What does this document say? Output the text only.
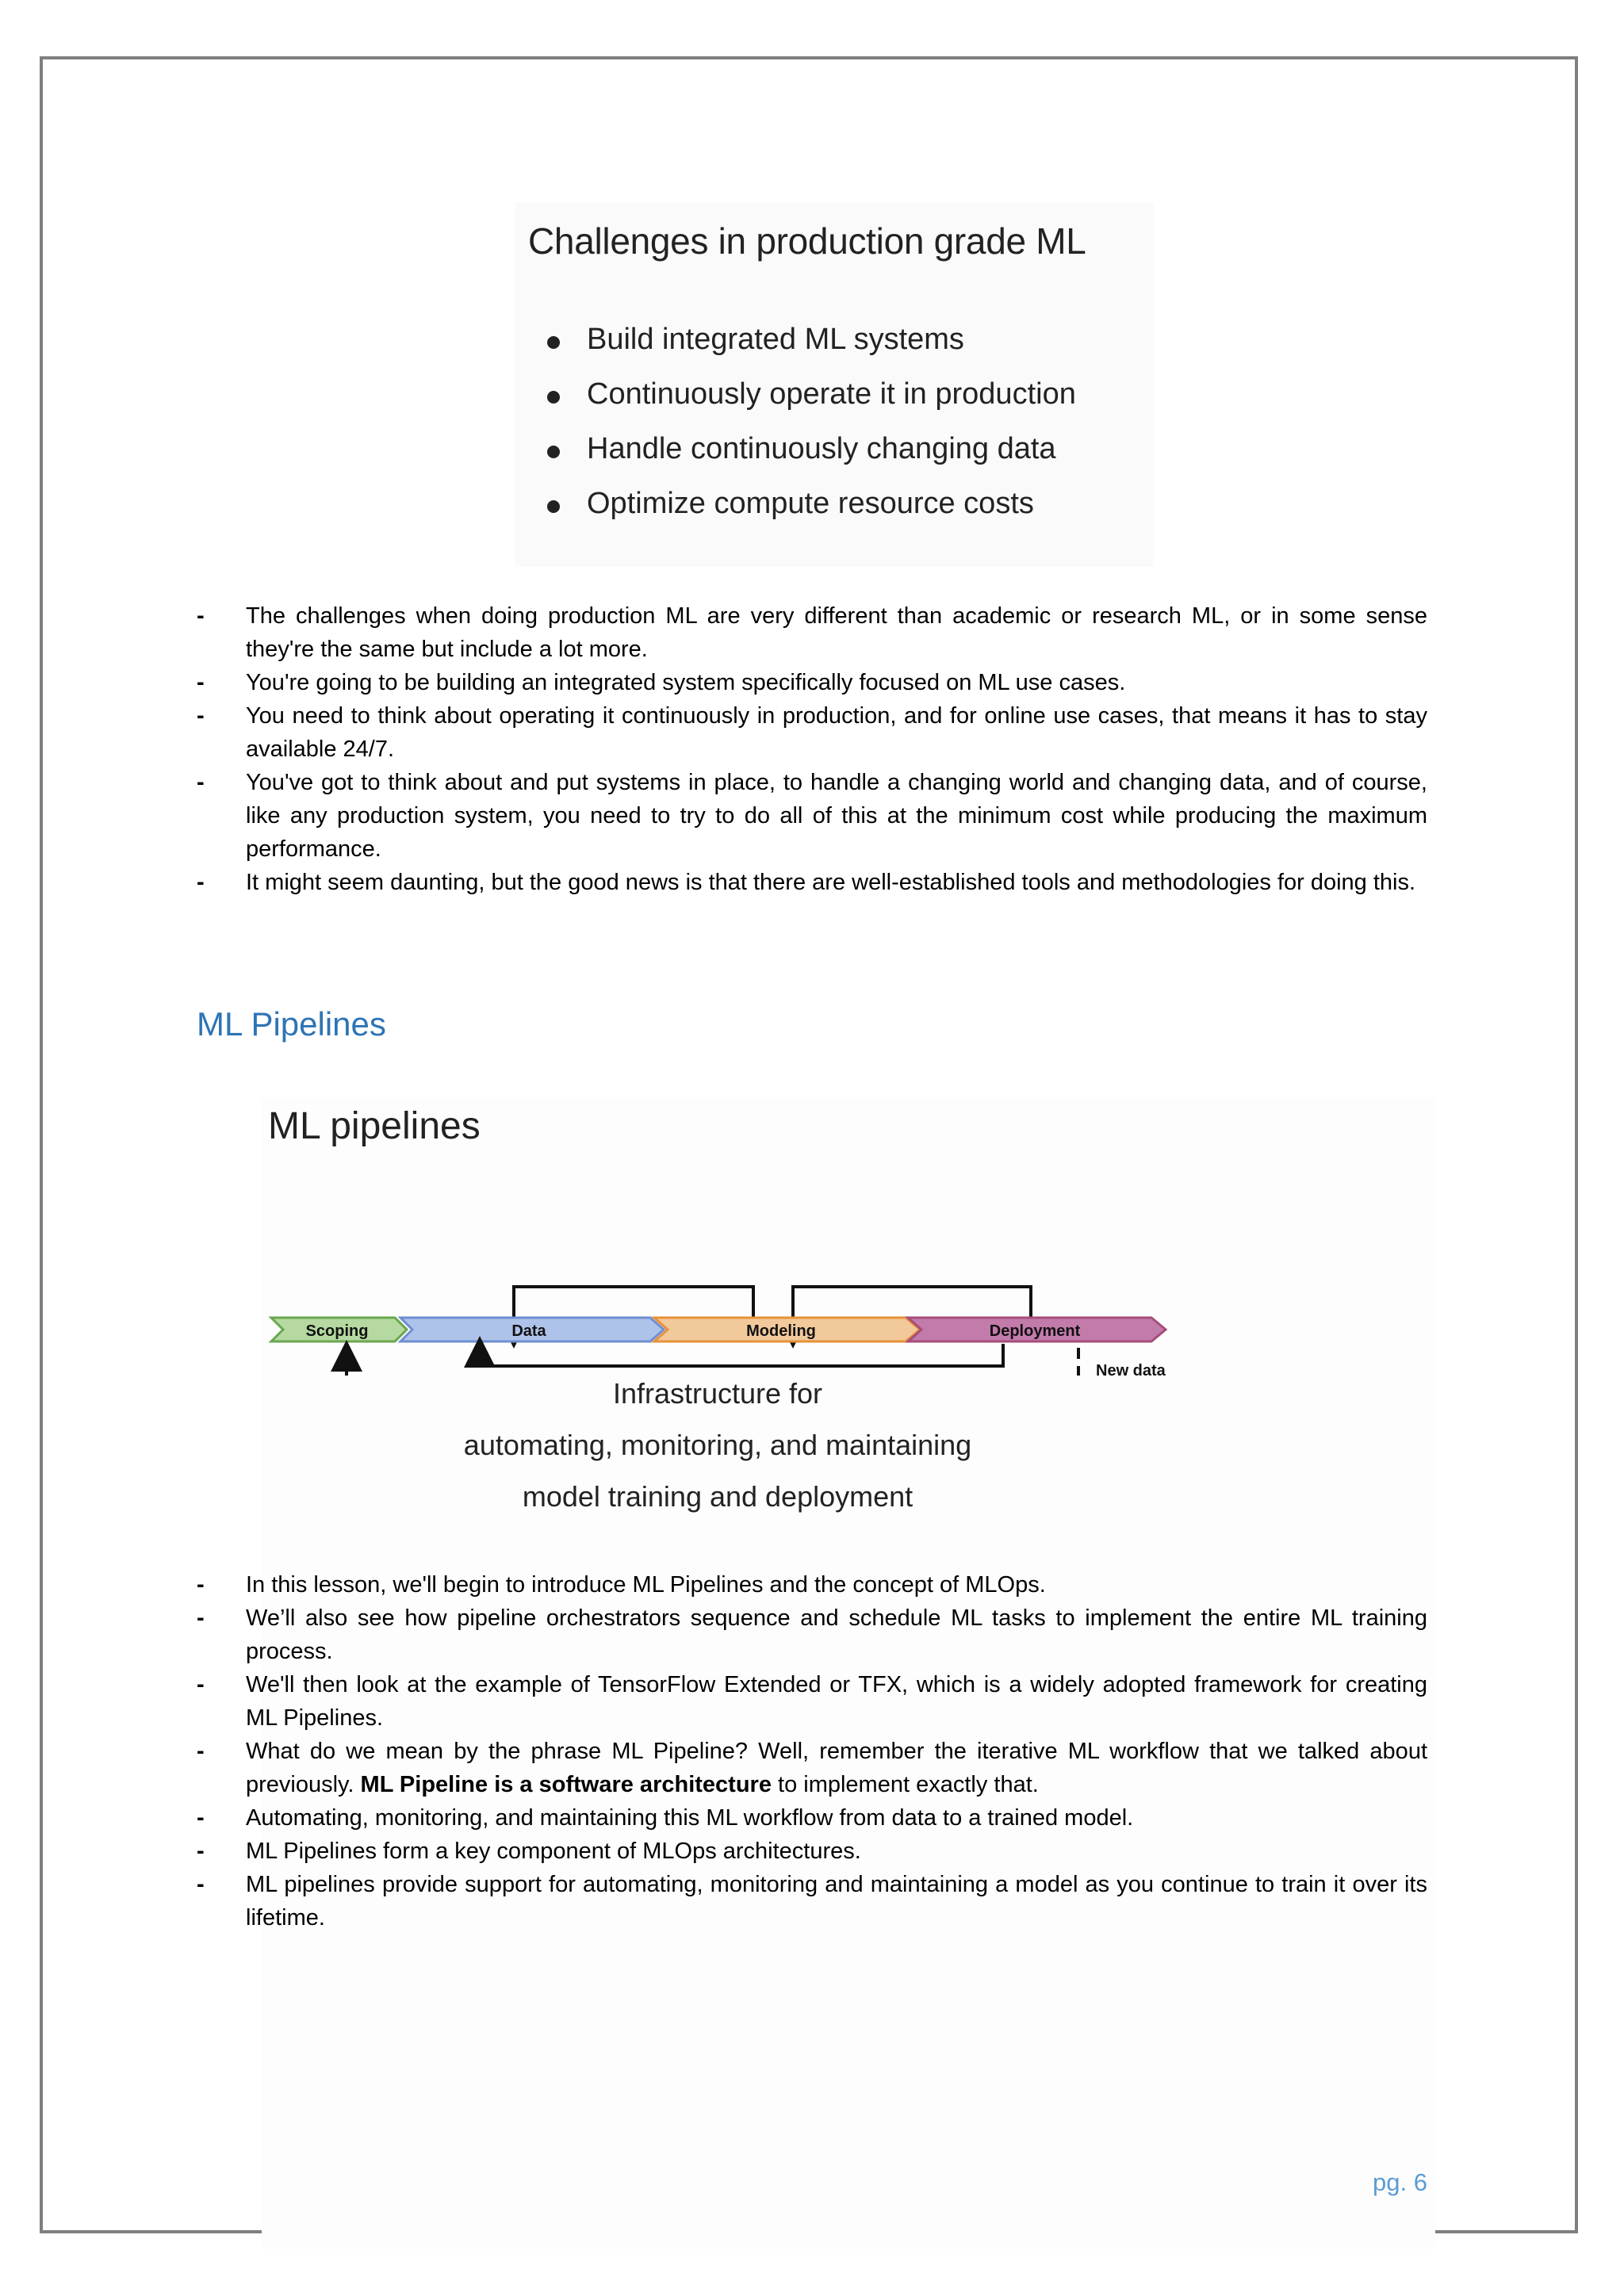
Challenges in production grade ML
Build integrated ML systems
Continuously operate it in production
Handle continuously changing data
Optimize compute resource costs
- The challenges when doing production ML are very different than academic or research ML, or in some sense they're the same but include a lot more.
- You're going to be building an integrated system specifically focused on ML use cases.
- You need to think about operating it continuously in production, and for online use cases, that means it has to stay available 24/7.
- You've got to think about and put systems in place, to handle a changing world and changing data, and of course, like any production system, you need to try to do all of this at the minimum cost while producing the maximum performance.
- It might seem daunting, but the good news is that there are well-established tools and methodologies for doing this.
ML Pipelines
ML pipelines
Scoping	Data	Modeling	Deployment
New data
Infrastructure for
automating, monitoring, and maintaining
model training and deployment
- In this lesson, we'll begin to introduce ML Pipelines and the concept of MLOps.
- We’ll also see how pipeline orchestrators sequence and schedule ML tasks to implement the entire ML training process.
- We'll then look at the example of TensorFlow Extended or TFX, which is a widely adopted framework for creating ML Pipelines.
- What do we mean by the phrase ML Pipeline? Well, remember the iterative ML workflow that we talked about previously. ML Pipeline is a software architecture to implement exactly that.
- Automating, monitoring, and maintaining this ML workflow from data to a trained model.
- ML Pipelines form a key component of MLOps architectures.
- ML pipelines provide support for automating, monitoring and maintaining a model as you continue to train it over its lifetime.
pg. 6
